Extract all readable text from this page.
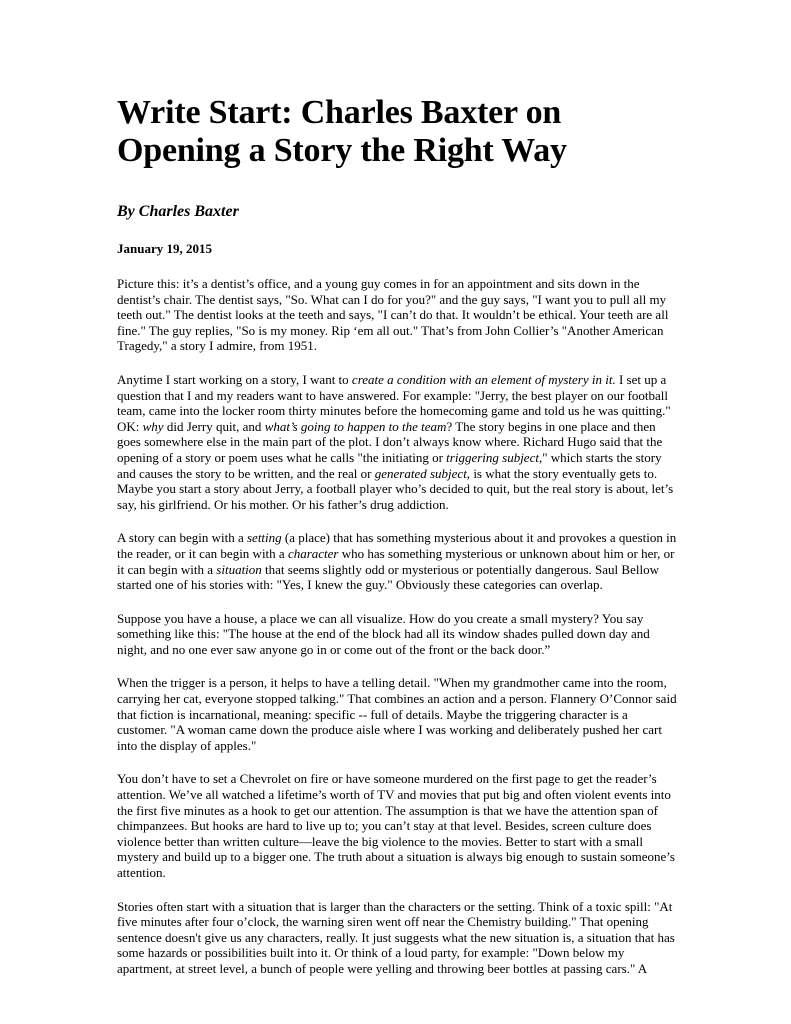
Write Start: Charles Baxter on Opening a Story the Right Way
By Charles Baxter
January 19, 2015

Picture this: it’s a dentist’s office, and a young guy comes in for an appointment and sits down in the dentist’s chair. The dentist says, "So. What can I do for you?" and the guy says, "I want you to pull all my teeth out." The dentist looks at the teeth and says, "I can’t do that. It wouldn’t be ethical. Your teeth are all fine." The guy replies, "So is my money. Rip ‘em all out." That’s from John Collier’s "Another American Tragedy," a story I admire, from 1951.

Anytime I start working on a story, I want to create a condition with an element of mystery in it. I set up a question that I and my readers want to have answered. For example: "Jerry, the best player on our football team, came into the locker room thirty minutes before the homecoming game and told us he was quitting." OK: why did Jerry quit, and what’s going to happen to the team? The story begins in one place and then goes somewhere else in the main part of the plot. I don’t always know where. Richard Hugo said that the opening of a story or poem uses what he calls "the initiating or triggering subject," which starts the story and causes the story to be written, and the real or generated subject, is what the story eventually gets to. Maybe you start a story about Jerry, a football player who’s decided to quit, but the real story is about, let’s say, his girlfriend. Or his mother. Or his father’s drug addiction.

A story can begin with a setting (a place) that has something mysterious about it and provokes a question in the reader, or it can begin with a character who has something mysterious or unknown about him or her, or it can begin with a situation that seems slightly odd or mysterious or potentially dangerous. Saul Bellow started one of his stories with: "Yes, I knew the guy." Obviously these categories can overlap.

Suppose you have a house, a place we can all visualize. How do you create a small mystery? You say something like this: "The house at the end of the block had all its window shades pulled down day and night, and no one ever saw anyone go in or come out of the front or the back door.”

When the trigger is a person, it helps to have a telling detail. "When my grandmother came into the room, carrying her cat, everyone stopped talking." That combines an action and a person. Flannery O’Connor said that fiction is incarnational, meaning: specific -- full of details. Maybe the triggering character is a customer. "A woman came down the produce aisle where I was working and deliberately pushed her cart into the display of apples."

You don’t have to set a Chevrolet on fire or have someone murdered on the first page to get the reader’s attention. We’ve all watched a lifetime’s worth of TV and movies that put big and often violent events into the first five minutes as a hook to get our attention. The assumption is that we have the attention span of chimpanzees. But hooks are hard to live up to; you can’t stay at that level. Besides, screen culture does violence better than written culture—leave the big violence to the movies. Better to start with a small mystery and build up to a bigger one. The truth about a situation is always big enough to sustain someone’s attention.

Stories often start with a situation that is larger than the characters or the setting. Think of a toxic spill: "At five minutes after four o’clock, the warning siren went off near the Chemistry building." That opening sentence doesn't give us any characters, really. It just suggests what the new situation is, a situation that has some hazards or possibilities built into it. Or think of a loud party, for example: "Down below my apartment, at street level, a bunch of people were yelling and throwing beer bottles at passing cars." A
